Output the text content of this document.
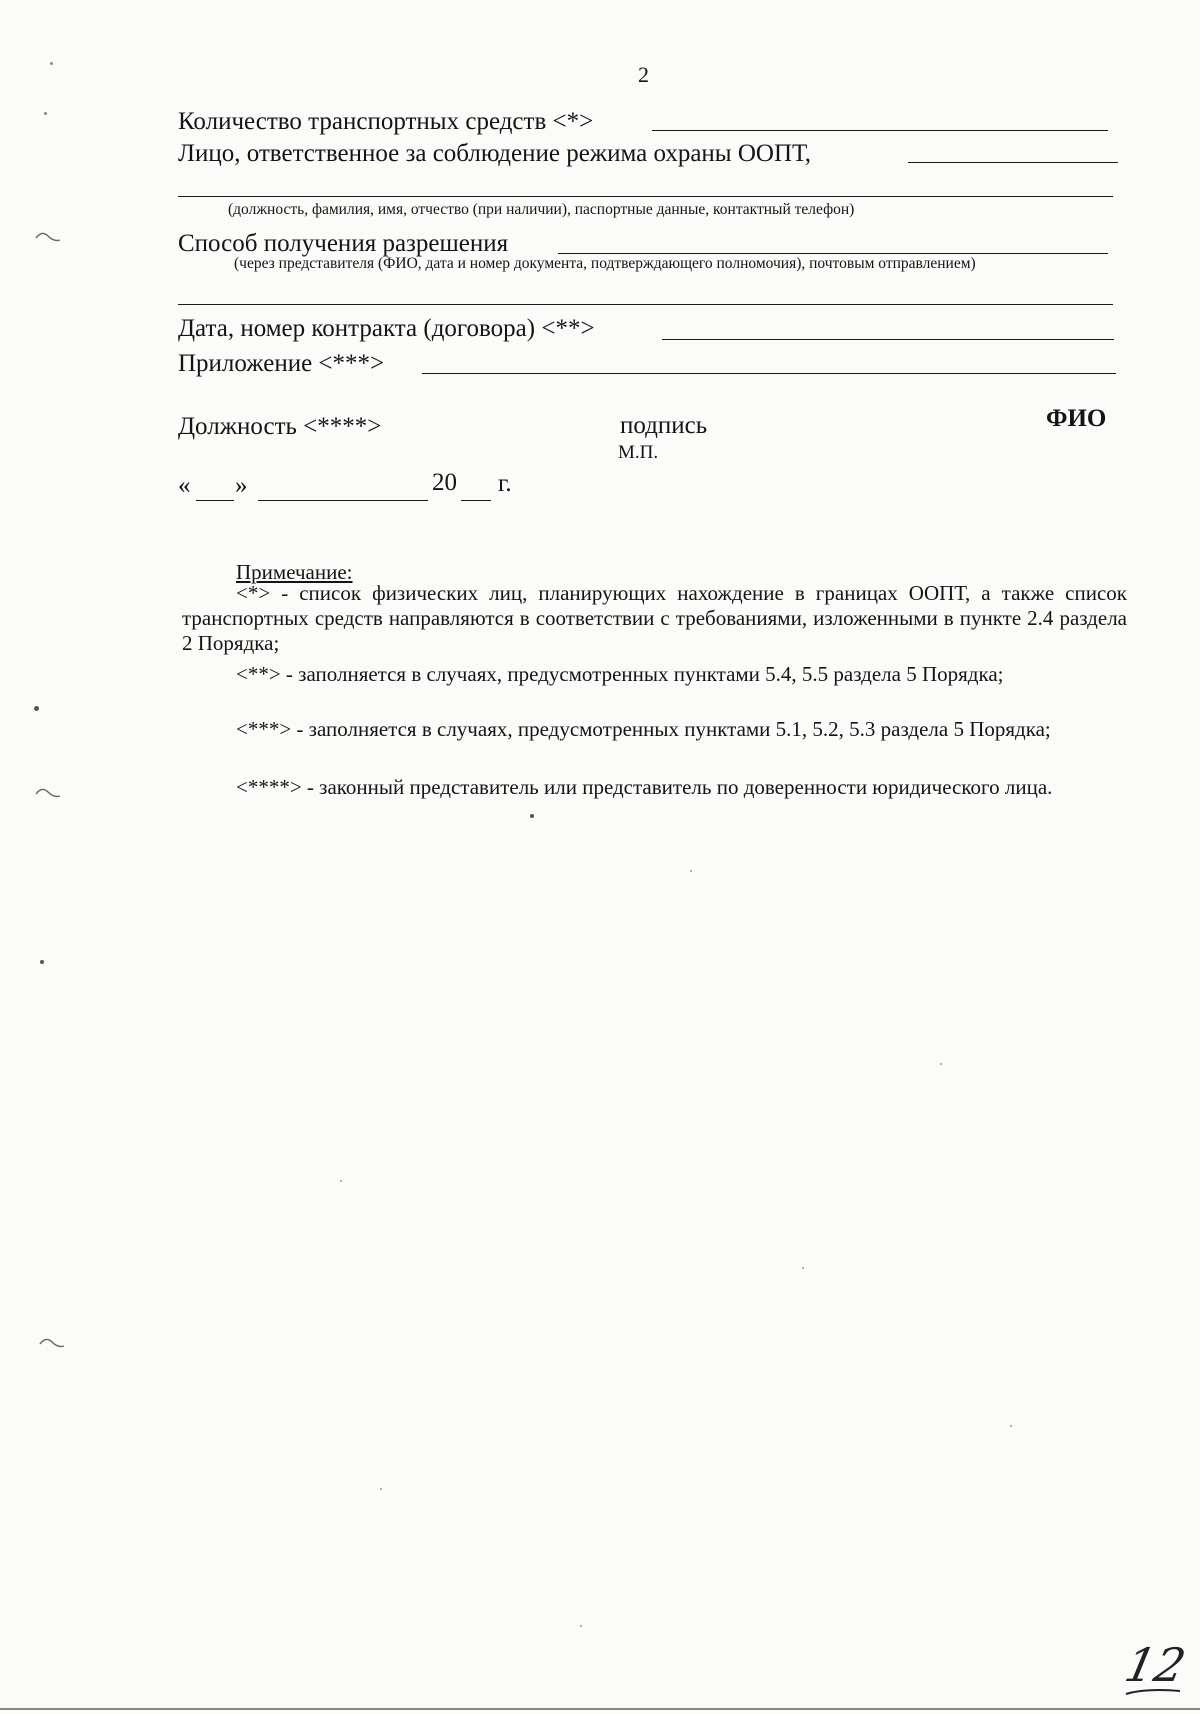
2
Количество транспортных средств <*>
Лицо, ответственное за соблюдение режима охраны ООПТ,
(должность, фамилия, имя, отчество (при наличии), паспортные данные, контактный телефон)
Способ получения разрешения
(через представителя (ФИО, дата и номер документа, подтверждающего полномочия), почтовым отправлением)
Дата, номер контракта (договора) <**>
Приложение <***>
Должность <****>	подпись
М.П.
ФИО
« »	20 г.
Примечание:
<*> - список физических лиц, планирующих нахождение в границах ООПТ, а также список транспортных средств направляются в соответствии с требованиями, изложенными в пункте 2.4 раздела 2 Порядка;
<**> - заполняется в случаях, предусмотренных пунктами 5.4, 5.5 раздела 5 Порядка;
<***> - заполняется в случаях, предусмотренных пунктами 5.1, 5.2, 5.3 раздела 5 Порядка;
<****> - законный представитель или представитель по доверенности юридического лица.
12
